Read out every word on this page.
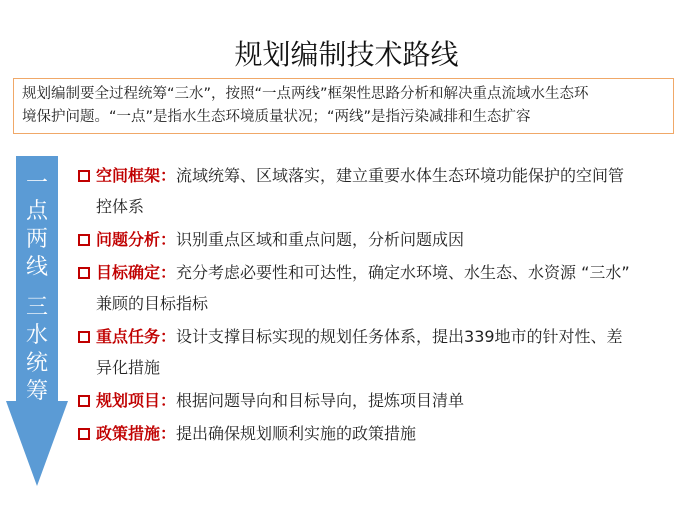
规划编制技术路线

规划编制要全过程统筹“三水”，按照“一点两线”框架性思路分析和解决重点流域水生态环

境保护问题。“一点”是指水生态环境质量状况；“两线”是指污染减排和生态扩容

一
点
两
线
三
水
统
筹
空间框架：流域统筹、区域落实，建立重要水体生态环境功能保护的空间管
控体系
问题分析：识别重点区域和重点问题，分析问题成因
目标确定：充分考虑必要性和可达性，确定水环境、水生态、水资源 “三水”
兼顾的目标指标
重点任务：设计支撑目标实现的规划任务体系，提出339地市的针对性、差
异化措施
规划项目：根据问题导向和目标导向，提炼项目清单
政策措施：提出确保规划顺利实施的政策措施
